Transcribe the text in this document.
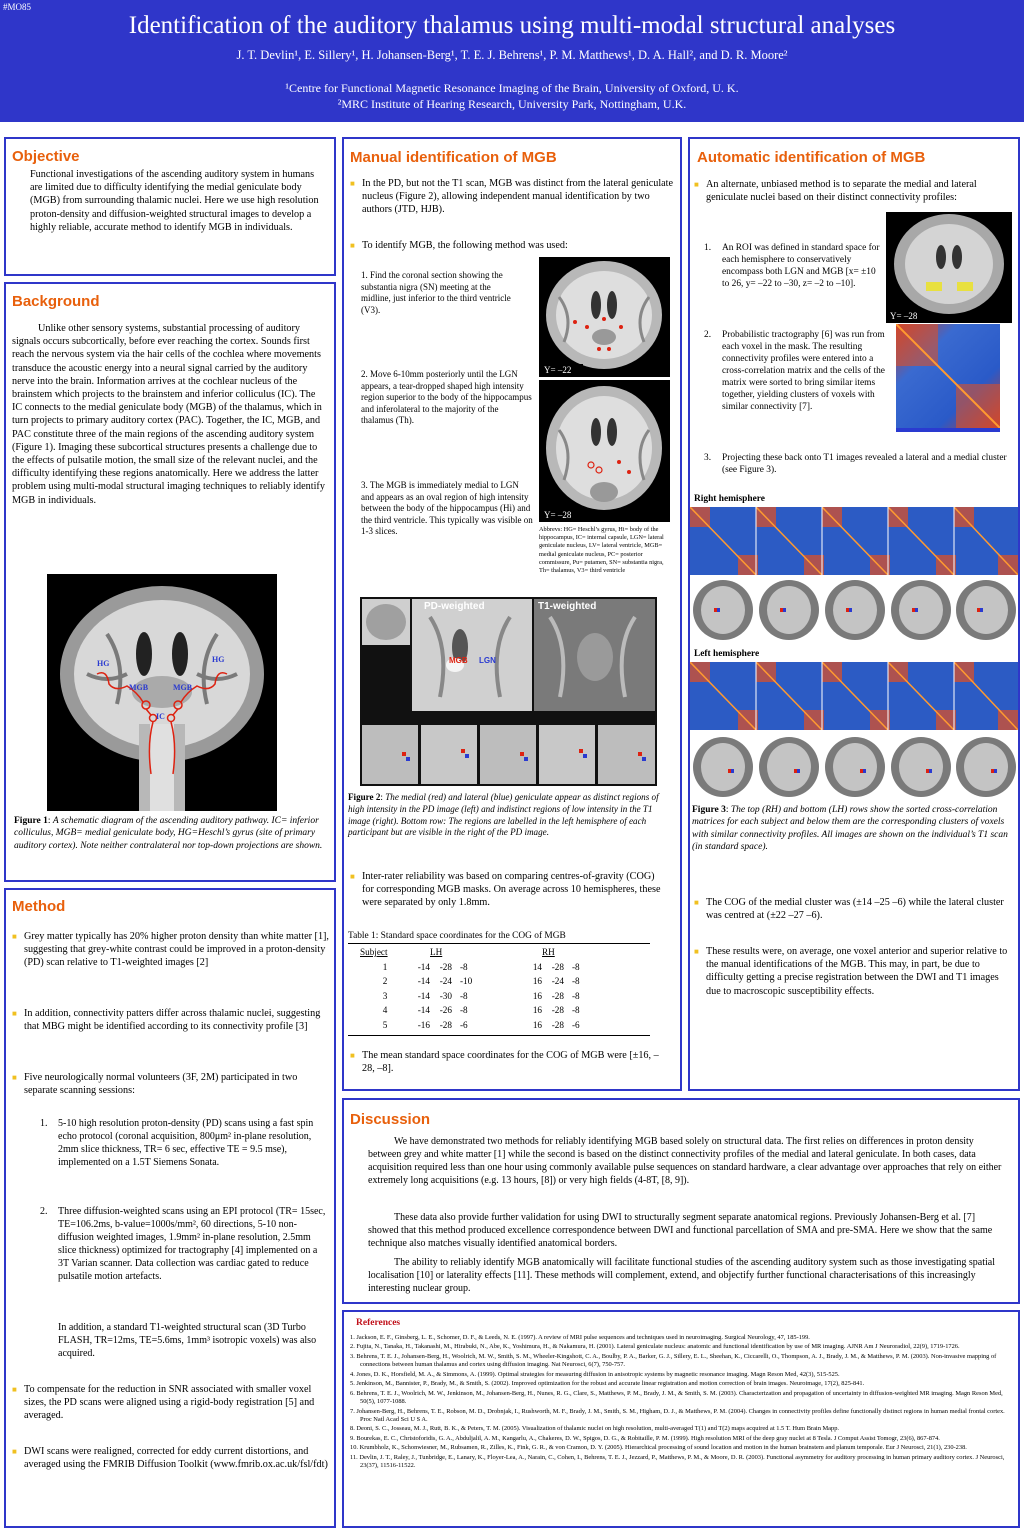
#MO85
Identification of the auditory thalamus using multi-modal structural analyses
J. T. Devlin¹, E. Sillery¹, H. Johansen-Berg¹, T. E. J. Behrens¹, P. M. Matthews¹, D. A. Hall², and D. R. Moore²
¹Centre for Functional Magnetic Resonance Imaging of the Brain, University of Oxford, U. K.
²MRC Institute of Hearing Research, University Park, Nottingham, U.K.
Objective
Functional investigations of the ascending auditory system in humans are limited due to difficulty identifying the medial geniculate body (MGB) from surrounding thalamic nuclei. Here we use high resolution proton-density and diffusion-weighted structural images to develop a highly reliable, accurate method to identify MGB in individuals.
Background
Unlike other sensory systems, substantial processing of auditory signals occurs subcortically, before ever reaching the cortex. Sounds first reach the nervous system via the hair cells of the cochlea where movements transduce the acoustic energy into a neural signal carried by the auditory nerve into the brain. Information arrives at the cochlear nucleus of the brainstem which projects to the brainstem and inferior colliculus (IC). The IC connects to the medial geniculate body (MGB) of the thalamus, which in turn projects to primary auditory cortex (PAC). Together, the IC, MGB, and PAC constitute three of the main regions of the ascending auditory system (Figure 1). Imaging these subcortical structures presents a challenge due to the effects of pulsatile motion, the small size of the relevant nuclei, and the difficulty identifying these regions anatomically. Here we address the latter problem using multi-modal structural imaging techniques to reliably identify MGB in individuals.
HG	HG
MGB	MGB
IC
Figure 1: A schematic diagram of the ascending auditory pathway. IC= inferior colliculus, MGB= medial geniculate body, HG=Heschl’s gyrus (site of primary auditory cortex). Note neither contralateral nor top-down projections are shown.
Method
■ Grey matter typically has 20% higher proton density than white matter [1], suggesting that grey-white contrast could be improved in a proton-density (PD) scan relative to T1-weighted images [2]
■ In addition, connectivity patters differ across thalamic nuclei, suggesting that MBG might be identified according to its connectivity profile [3]
■ Five neurologically normal volunteers (3F, 2M) participated in two separate scanning sessions:
1. 5-10 high resolution proton-density (PD) scans using a fast spin echo protocol (coronal acquisition, 800μm² in-plane resolution, 2mm slice thickness, TR= 6 sec, effective TE = 9.5 mse), implemented on a 1.5T Siemens Sonata.
2. Three diffusion-weighted scans using an EPI protocol (TR= 15sec, TE=106.2ms, b-value=1000s/mm², 60 directions, 5-10 non-diffusion weighted images, 1.9mm² in-plane resolution, 2.5mm slice thickness) optimized for tractography [4] implemented on a 3T Varian scanner. Data collection was cardiac gated to reduce pulsatile motion artefacts.
In addition, a standard T1-weighted structural scan (3D Turbo FLASH, TR=12ms, TE=5.6ms, 1mm³ isotropic voxels) was also acquired.
■ To compensate for the reduction in SNR associated with smaller voxel sizes, the PD scans were aligned using a rigid-body registration [5] and averaged.
■ DWI scans were realigned, corrected for eddy current distortions, and averaged using the FMRIB Diffusion Toolkit (www.fmrib.ox.ac.uk/fsl/fdt)
Manual identification of MGB
■ In the PD, but not the T1 scan, MGB was distinct from the lateral geniculate nucleus (Figure 2), allowing independent manual identification by two authors (JTD, HJB).
■ To identify MGB, the following method was used:
1. Find the coronal section showing the substantia nigra (SN) meeting at the midline, just inferior to the third ventricle (V3).
2. Move 6-10mm posteriorly until the LGN appears, a tear-dropped shaped high intensity region superior to the body of the hippocampus and inferolateral to the majority of the thalamus (Th).
3. The MGB is immediately medial to LGN and appears as an oval region of high intensity between the body of the hippocampus (Hi) and the third ventricle. This typically was visible on 1-3 slices.
Y= –22
Y= –28
Abbrevs: HG= Heschl’s gyrus, Hi= body of the hippocampus, IC= internal capsule, LGN= lateral geniculate nucleus, LV= lateral ventricle, MGB= medial geniculate nucleus, PC= posterior commissure, Pu= putamen, SN= substantia nigra, Th= thalamus, V3= third ventricle
PD-weighted	T1-weighted
MGB LGN
Figure 2: The medial (red) and lateral (blue) geniculate appear as distinct regions of high intensity in the PD image (left) and indistinct regions of low intensity in the T1 image (right). Bottom row: The regions are labelled in the left hemisphere of each participant but are visible in the right of the PD image.
■ Inter-rater reliability was based on comparing centres-of-gravity (COG) for corresponding MGB masks. On average across 10 hemispheres, these were separated by only 1.8mm.
Table 1: Standard space coordinates for the COG of MGB
Subject		LH			RH	
1	-14	-28	-8	14	-28	-8
2	-14	-24	-10	16	-24	-8
3	-14	-30	-8	16	-28	-8
4	-14	-26	-8	16	-28	-8
5	-16	-28	-6	16	-28	-6
■ The mean standard space coordinates for the COG of MGB were [±16, –28, –8].
Automatic identification of MGB
■ An alternate, unbiased method is to separate the medial and lateral geniculate nuclei based on their distinct connectivity profiles:
1. An ROI was defined in standard space for each hemisphere to conservatively encompass both LGN and MGB [x= ±10 to 26, y= –22 to –30, z= –2 to –10].
2. Probabilistic tractography [6] was run from each voxel in the mask. The resulting connectivity profiles were entered into a cross-correlation matrix and the cells of the matrix were sorted to bring similar items together, yielding clusters of voxels with similar connectivity [7].
3. Projecting these back onto T1 images revealed a lateral and a medial cluster (see Figure 3).
Y= –28
Right hemisphere
Left hemisphere
Figure 3: The top (RH) and bottom (LH) rows show the sorted cross-correlation matrices for each subject and below them are the corresponding clusters of voxels with similar connectivity profiles. All images are shown on the individual’s T1 scan (in standard space).
■ The COG of the medial cluster was (±14 –25 –6) while the lateral cluster was centred at (±22 –27 –6).
■ These results were, on average, one voxel anterior and superior relative to the manual identifications of the MGB. This may, in part, be due to difficulty getting a precise registration between the DWI and T1 images due to macroscopic susceptibility effects.
Discussion
We have demonstrated two methods for reliably identifying MGB based solely on structural data. The first relies on differences in proton density between grey and white matter [1] while the second is based on the distinct connectivity profiles of the medial and lateral geniculate. In both cases, data acquisition required less than one hour using commonly available pulse sequences on standard hardware, a clear advantage over approaches that rely on either extremely long acquisitions (e.g. 13 hours, [8]) or very high fields (4-8T, [8, 9]).
These data also provide further validation for using DWI to structurally segment separate anatomical regions. Previously Johansen-Berg et al. [7] showed that this method produced excellence correspondence between DWI and functional parcellation of SMA and pre-SMA. Here we show that the same technique also matches visually identified anatomical borders.
The ability to reliably identify MGB anatomically will facilitate functional studies of the ascending auditory system such as those investigating spatial localisation [10] or laterality effects [11]. These methods will complement, extend, and objectify further functional characterisations of this increasingly interesting nuclear group.
References
1. Jackson, E. F., Ginsberg, L. E., Schomer, D. F., & Leeds, N. E. (1997). A review of MRI pulse sequences and techniques used in neuroimaging. Surgical Neurology, 47, 185-199.
2. Fujita, N., Tanaka, H., Takanashi, M., Hirabuki, N., Abe, K., Yoshimura, H., & Nakamura, H. (2001). Lateral geniculate nucleus: anatomic and functional identification by use of MR imaging. AJNR Am J Neuroradiol, 22(9), 1719-1726.
3. Behrens, T. E. J., Johansen-Berg, H., Woolrich, M. W., Smith, S. M., Wheeler-Kingshott, C. A., Boulby, P. A., Barker, G. J., Sillery, E. L., Sheehan, K., Ciccarelli, O., Thompson, A. J., Brady, J. M., & Matthews, P. M. (2003). Non-invasive mapping of connections between human thalamus and cortex using diffusion imaging. Nat Neurosci, 6(7), 750-757.
4. Jones, D. K., Horsfield, M. A., & Simmons, A. (1999). Optimal strategies for measuring diffusion in anisotropic systems by magnetic resonance imaging. Magn Reson Med, 42(3), 515-525.
5. Jenkinson, M., Bannister, P., Brady, M., & Smith, S. (2002). Improved optimization for the robust and accurate linear registration and motion correction of brain images. Neuroimage, 17(2), 825-841.
6. Behrens, T. E. J., Woolrich, M. W., Jenkinson, M., Johansen-Berg, H., Nunes, R. G., Clare, S., Matthews, P. M., Brady, J. M., & Smith, S. M. (2003). Characterization and propagation of uncertainty in diffusion-weighted MR imaging. Magn Reson Med, 50(5), 1077-1088.
7. Johansen-Berg, H., Behrens, T. E., Robson, M. D., Drobnjak, I., Rushworth, M. F., Brady, J. M., Smith, S. M., Higham, D. J., & Matthews, P. M. (2004). Changes in connectivity profiles define functionally distinct regions in human medial frontal cortex. Proc Natl Acad Sci U S A.
8. Deoni, S. C., Josseau, M. J., Rutt, B. K., & Peters, T. M. (2005). Visualization of thalamic nuclei on high resolution, multi-averaged T(1) and T(2) maps acquired at 1.5 T. Hum Brain Mapp.
9. Bourekas, E. C., Christoforidis, G. A., Abduljalil, A. M., Kangarlu, A., Chakeres, D. W., Spigos, D. G., & Robitaille, P. M. (1999). High resolution MRI of the deep gray nuclei at 8 Tesla. J Comput Assist Tomogr, 23(6), 867-874.
10. Krumbholz, K., Schonwiesner, M., Rubsamen, R., Zilles, K., Fink, G. R., & von Cramon, D. Y. (2005). Hierarchical processing of sound location and motion in the human brainstem and planum temporale. Eur J Neurosci, 21(1), 230-238.
11. Devlin, J. T., Raley, J., Tunbridge, E., Lanary, K., Floyer-Lea, A., Narain, C., Cohen, I., Behrens, T. E. J., Jezzard, P., Matthews, P. M., & Moore, D. R. (2003). Functional asymmetry for auditory processing in human primary auditory cortex. J Neurosci, 23(37), 11516-11522.
